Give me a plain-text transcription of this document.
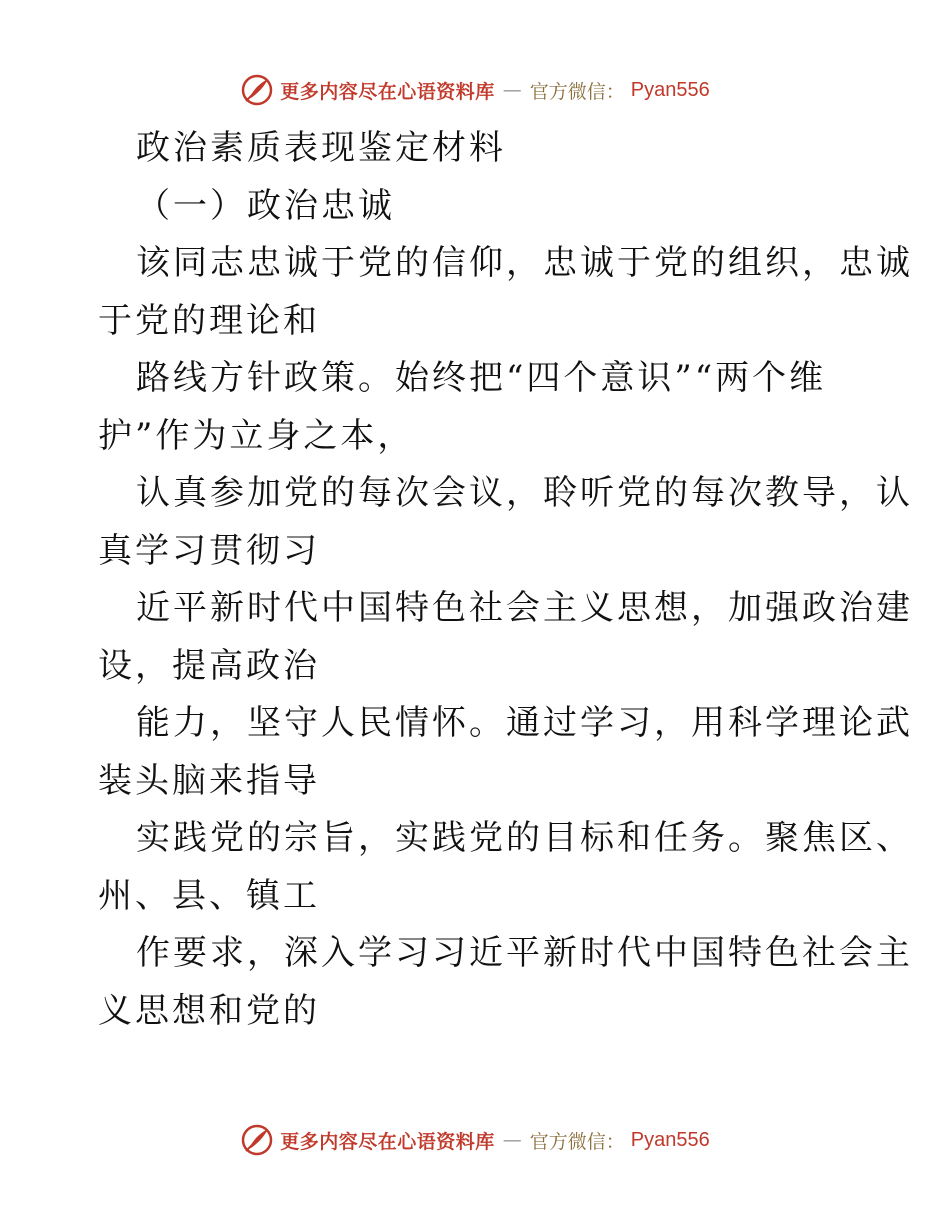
更多内容尽在心语资料库 — 官方微信： Pyan556
政治素质表现鉴定材料
（一）政治忠诚
该同志忠诚于党的信仰，忠诚于党的组织，忠诚
于党的理论和
路线方针政策。始终把“四个意识”“两个维
护”作为立身之本，
认真参加党的每次会议，聆听党的每次教导，认
真学习贯彻习
近平新时代中国特色社会主义思想，加强政治建
设，提高政治
能力，坚守人民情怀。通过学习，用科学理论武
装头脑来指导
实践党的宗旨，实践党的目标和任务。聚焦区、
州、县、镇工
作要求，深入学习习近平新时代中国特色社会主
义思想和党的
更多内容尽在心语资料库 — 官方微信： Pyan556
